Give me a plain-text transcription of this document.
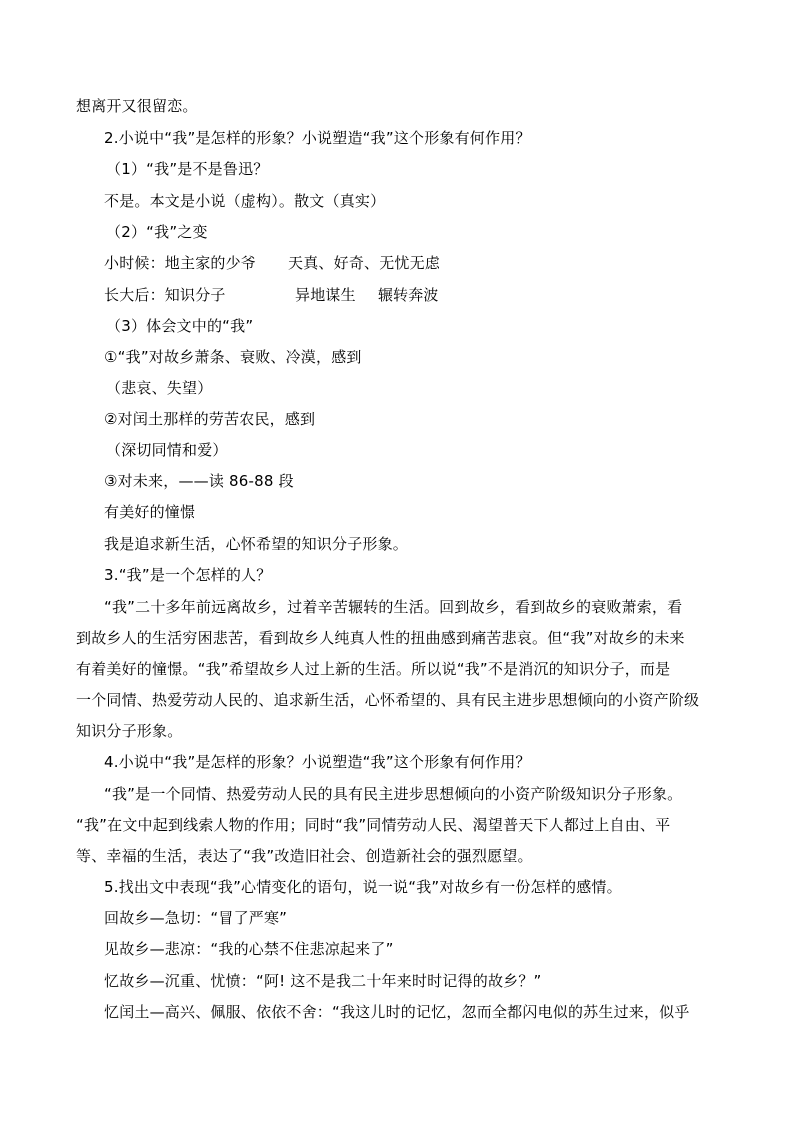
想离开又很留恋。
2.小说中“我”是怎样的形象？小说塑造“我”这个形象有何作用？
（1）“我”是不是鲁迅？
不是。本文是小说（虚构）。散文（真实）
（2）“我”之变
小时候：地主家的少爷 天真、好奇、无忧无虑
长大后：知识分子	异地谋生 辗转奔波
（3）体会文中的“我”
①“我”对故乡萧条、衰败、冷漠，感到
（悲哀、失望）
②对闰土那样的劳苦农民，感到
（深切同情和爱）
③对未来，——读 86-88 段
有美好的憧憬
我是追求新生活，心怀希望的知识分子形象。
3.“我”是一个怎样的人？
“我”二十多年前远离故乡，过着辛苦辗转的生活。回到故乡，看到故乡的衰败萧索，看
到故乡人的生活穷困悲苦，看到故乡人纯真人性的扭曲感到痛苦悲哀。但“我”对故乡的未来
有着美好的憧憬。“我”希望故乡人过上新的生活。所以说“我”不是消沉的知识分子，而是
一个同情、热爱劳动人民的、追求新生活，心怀希望的、具有民主进步思想倾向的小资产阶级
知识分子形象。
4.小说中“我”是怎样的形象？小说塑造“我”这个形象有何作用？
“我”是一个同情、热爱劳动人民的具有民主进步思想倾向的小资产阶级知识分子形象。
“我”在文中起到线索人物的作用；同时“我”同情劳动人民、渴望普天下人都过上自由、平
等、幸福的生活，表达了“我”改造旧社会、创造新社会的强烈愿望。
5.找出文中表现“我”心情变化的语句，说一说“我”对故乡有一份怎样的感情。
回故乡—急切：“冒了严寒”
见故乡—悲凉：“我的心禁不住悲凉起来了”
忆故乡—沉重、忧愤：“阿! 这不是我二十年来时时记得的故乡？”
忆闰土—高兴、佩服、依依不舍：“我这儿时的记忆，忽而全都闪电似的苏生过来，似乎
